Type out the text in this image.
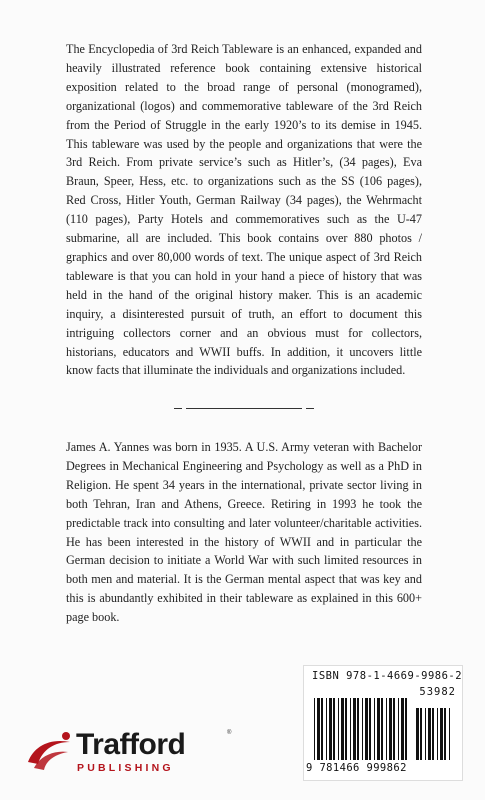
The Encyclopedia of 3rd Reich Tableware is an enhanced, expanded and heavily illustrated reference book containing extensive historical exposition related to the broad range of personal (monogramed), organizational (logos) and commemorative tableware of the 3rd Reich from the Period of Struggle in the early 1920’s to its demise in 1945. This tableware was used by the people and organizations that were the 3rd Reich. From private service’s such as Hitler’s, (34 pages), Eva Braun, Speer, Hess, etc. to organizations such as the SS (106 pages), Red Cross, Hitler Youth, German Railway (34 pages), the Wehrmacht (110 pages), Party Hotels and commemoratives such as the U-47 submarine, all are included. This book contains over 880 photos / graphics and over 80,000 words of text. The unique aspect of 3rd Reich tableware is that you can hold in your hand a piece of history that was held in the hand of the original history maker. This is an academic inquiry, a disinterested pursuit of truth, an effort to document this intriguing collectors corner and an obvious must for collectors, historians, educators and WWII buffs. In addition, it uncovers little know facts that illuminate the individuals and organizations included.

James A. Yannes was born in 1935. A U.S. Army veteran with Bachelor Degrees in Mechanical Engineering and Psychology as well as a PhD in Religion. He spent 34 years in the international, private sector living in both Tehran, Iran and Athens, Greece. Retiring in 1993 he took the predictable track into consulting and later volunteer/charitable activities. He has been interested in the history of WWII and in particular the German decision to initiate a World War with such limited resources in both men and material. It is the German mental aspect that was key and this is abundantly exhibited in their tableware as explained in this 600+ page book.

ISBN 978-1-4669-9986-2
53982
9 781466 999862
Trafford	®
PUBLISHING
